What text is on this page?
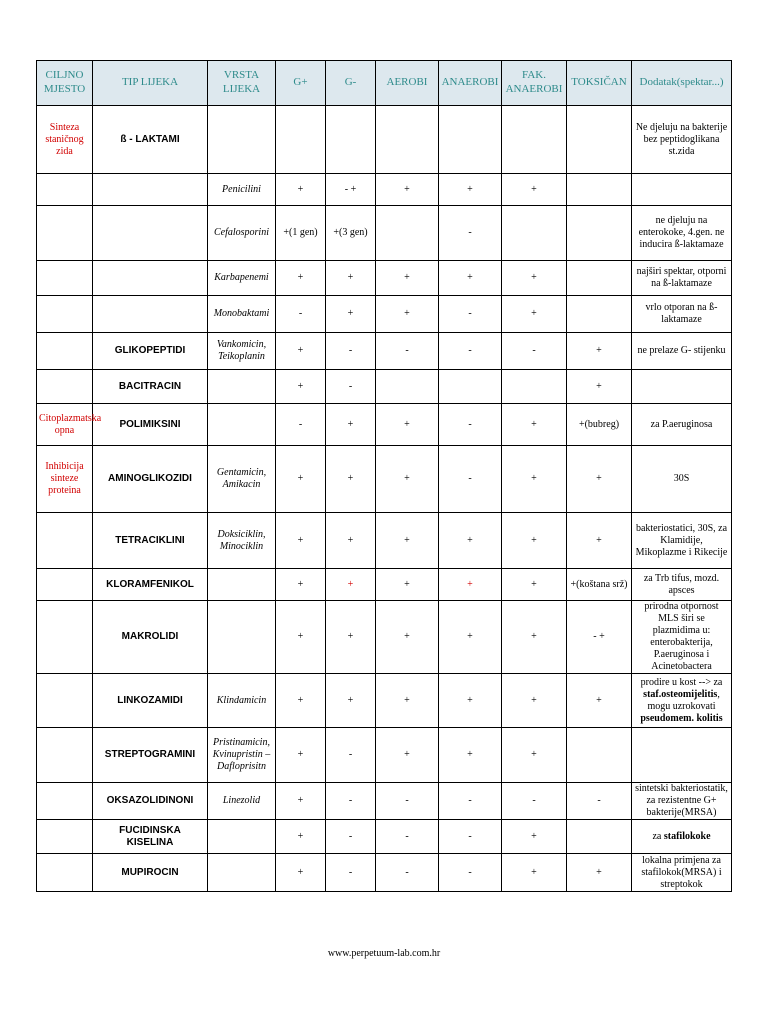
CILJNO MJESTO	TIP LIJEKA	VRSTA LIJEKA	G+	G-	AEROBI	ANAEROBI	FAK. ANAEROBI	TOKSIČAN	Dodatak(spektar...)
Sinteza staničnog zida	ß - LAKTAMI								Ne djeluju na bakterije bez peptidoglikana st.zida
		Penicilini	+	- +	+	+	+		
		Cefalosporini	+(1 gen)	+(3 gen)		-			ne djeluju na enterokoke, 4.gen. ne inducira ß-laktamaze
		Karbapenemi	+	+	+	+	+		najširi spektar, otporni na ß-laktamaze
		Monobaktami	-	+	+	-	+		vrlo otporan na ß-laktamaze
	GLIKOPEPTIDI	Vankomicin, Teikoplanin	+	-	-	-	-	+	ne prelaze G- stijenku
	BACITRACIN		+	-				+	
Citoplazmatska opna	POLIMIKSINI		-	+	+	-	+	+(bubreg)	za P.aeruginosa
Inhibicija sinteze proteina	AMINOGLIKOZIDI	Gentamicin, Amikacin	+	+	+	-	+	+	30S
	TETRACIKLINI	Doksiciklin, Minociklin	+	+	+	+	+	+	bakteriostatici, 30S, za Klamidije, Mikoplazme i Rikecije
	KLORAMFENIKOL		+	+	+	+	+	+(koštana srž)	za Trb tifus, mozd. apsces
	MAKROLIDI		+	+	+	+	+	- +	prirodna otpornost MLS širi se plazmidima u: enterobakterija, P.aeruginosa i Acinetobactera
	LINKOZAMIDI	Klindamicin	+	+	+	+	+	+	prodire u kost --> za staf.osteomijelitis, mogu uzrokovati pseudomem. kolitis
	STREPTOGRAMINI	Pristinamicin, Kvinupristin – Dafloprisitn	+	-	+	+	+		
	OKSAZOLIDINONI	Linezolid	+	-	-	-	-	-	sintetski bakteriostatik, za rezistentne G+ bakterije(MRSA)
	FUCIDINSKA KISELINA		+	-	-	-	+		za stafilokoke
	MUPIROCIN		+	-	-	-	+	+	lokalna primjena za stafilokok(MRSA) i streptokok
www.perpetuum-lab.com.hr
